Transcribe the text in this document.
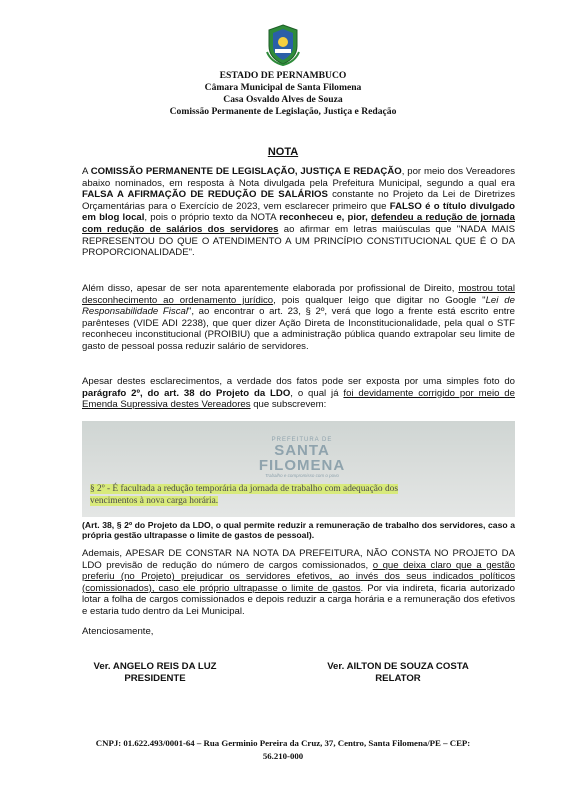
ESTADO DE PERNAMBUCO
Câmara Municipal de Santa Filomena
Casa Osvaldo Alves de Souza
Comissão Permanente de Legislação, Justiça e Redação
NOTA
A COMISSÃO PERMANENTE DE LEGISLAÇÃO, JUSTIÇA E REDAÇÃO, por meio dos Vereadores abaixo nominados, em resposta à Nota divulgada pela Prefeitura Municipal, segundo a qual era FALSA A AFIRMAÇÃO DE REDUÇÃO DE SALÁRIOS constante no Projeto da Lei de Diretrizes Orçamentárias para o Exercício de 2023, vem esclarecer primeiro que FALSO é o título divulgado em blog local, pois o próprio texto da NOTA reconheceu e, pior, defendeu a redução de jornada com redução de salários dos servidores ao afirmar em letras maiúsculas que "NADA MAIS REPRESENTOU DO QUE O ATENDIMENTO A UM PRINCÍPIO CONSTITUCIONAL QUE É O DA PROPORCIONALIDADE".
Além disso, apesar de ser nota aparentemente elaborada por profissional de Direito, mostrou total desconhecimento ao ordenamento jurídico, pois qualquer leigo que digitar no Google "Lei de Responsabilidade Fiscal", ao encontrar o art. 23, § 2º, verá que logo a frente está escrito entre parênteses (VIDE ADI 2238), que quer dizer Ação Direta de Inconstitucionalidade, pela qual o STF reconheceu inconstitucional (PROIBIU) que a administração pública quando extrapolar seu limite de gasto de pessoal possa reduzir salário de servidores.
Apesar destes esclarecimentos, a verdade dos fatos pode ser exposta por uma simples foto do parágrafo 2º, do art. 38 do Projeto da LDO, o qual já foi devidamente corrigido por meio de Emenda Supressiva destes Vereadores que subscrevem:
PREFEITURA DE
SANTA FILOMENA
Trabalho e compromisso com o povo
§ 2º - É facultada a redução temporária da jornada de trabalho com adequação dos
vencimentos à nova carga horária.
(Art. 38, § 2º do Projeto da LDO, o qual permite reduzir a remuneração de trabalho dos servidores, caso a própria gestão ultrapasse o limite de gastos de pessoal).
Ademais, APESAR DE CONSTAR NA NOTA DA PREFEITURA, NÃO CONSTA NO PROJETO DA LDO previsão de redução do número de cargos comissionados, o que deixa claro que a gestão preferiu (no Projeto) prejudicar os servidores efetivos, ao invés dos seus indicados políticos (comissionados), caso ele próprio ultrapasse o limite de gastos. Por via indireta, ficaria autorizado lotar a folha de cargos comissionados e depois reduzir a carga horária e a remuneração dos efetivos e estaria tudo dentro da Lei Municipal.
Atenciosamente,
Ver. ANGELO REIS DA LUZ
PRESIDENTE
Ver. AILTON DE SOUZA COSTA
RELATOR
CNPJ: 01.622.493/0001-64 – Rua Germinio Pereira da Cruz, 37, Centro, Santa Filomena/PE – CEP:
56.210-000
